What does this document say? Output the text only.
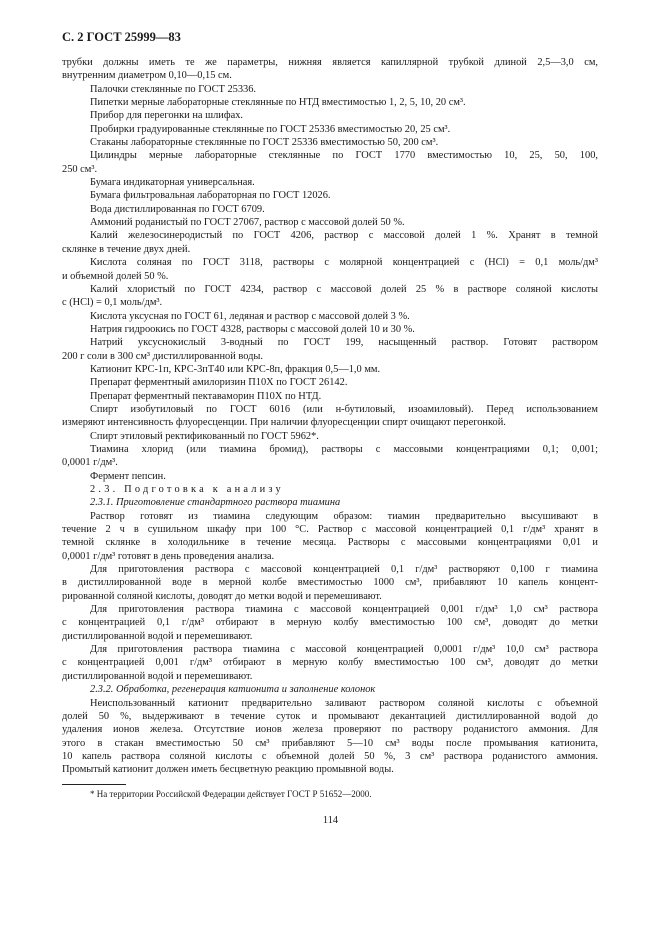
С. 2 ГОСТ 25999—83

трубки должны иметь те же параметры, нижняя является капиллярной трубкой длиной 2,5—3,0 см,

внутренним диаметром 0,10—0,15 см.

Палочки стеклянные по ГОСТ 25336.

Пипетки мерные лабораторные стеклянные по НТД вместимостью 1, 2, 5, 10, 20 см³.

Прибор для перегонки на шлифах.

Пробирки градуированные стеклянные по ГОСТ 25336 вместимостью 20, 25 см³.

Стаканы лабораторные стеклянные по ГОСТ 25336 вместимостью 50, 200 см³.

Цилиндры мерные лабораторные стеклянные по ГОСТ 1770 вместимостью 10, 25, 50, 100,

250 см³.

Бумага индикаторная универсальная.

Бумага фильтровальная лабораторная по ГОСТ 12026.

Вода дистиллированная по ГОСТ 6709.

Аммоний роданистый по ГОСТ 27067, раствор с массовой долей 50 %.

Калий железосинеродистый по ГОСТ 4206, раствор с массовой долей 1 %. Хранят в темной

склянке в течение двух дней.

Кислота соляная по ГОСТ 3118, растворы с молярной концентрацией c (HCl) = 0,1 моль/дм³

и объемной долей 50 %.

Калий хлористый по ГОСТ 4234, раствор с массовой долей 25 % в растворе соляной кислоты

c (HCl) = 0,1 моль/дм³.

Кислота уксусная по ГОСТ 61, ледяная и раствор с массовой долей 3 %.

Натрия гидроокись по ГОСТ 4328, растворы с массовой долей 10 и 30 %.

Натрий уксуснокислый 3-водный по ГОСТ 199, насыщенный раствор. Готовят раствором

200 г соли в 300 см³ дистиллированной воды.

Катионит КРС-1п, КРС-3пТ40 или КРС-8п, фракция 0,5—1,0 мм.

Препарат ферментный амилоризин П10Х по ГОСТ 26142.

Препарат ферментный пектаваморин П10Х по НТД.

Спирт изобутиловый по ГОСТ 6016 (или н-бутиловый, изоамиловый). Перед использованием

измеряют интенсивность флуоресценции. При наличии флуоресценции спирт очищают перегонкой.

Спирт этиловый ректификованный по ГОСТ 5962*.

Тиамина хлорид (или тиамина бромид), растворы с массовыми концентрациями 0,1; 0,001;

0,0001 г/дм³.

Фермент пепсин.

2.3. Подготовка к анализу

2.3.1. Приготовление стандартного раствора тиамина

Раствор готовят из тиамина следующим образом: тиамин предварительно высушивают в

течение 2 ч в сушильном шкафу при 100 °С. Раствор с массовой концентрацией 0,1 г/дм³ хранят в

темной склянке в холодильнике в течение месяца. Растворы с массовыми концентрациями 0,01 и

0,0001 г/дм³ готовят в день проведения анализа.

Для приготовления раствора с массовой концентрацией 0,1 г/дм³ растворяют 0,100 г тиамина

в дистиллированной воде в мерной колбе вместимостью 1000 см³, прибавляют 10 капель концент-

рированной соляной кислоты, доводят до метки водой и перемешивают.

Для приготовления раствора тиамина с массовой концентрацией 0,001 г/дм³ 1,0 см³ раствора

с концентрацией 0,1 г/дм³ отбирают в мерную колбу вместимостью 100 см³, доводят до метки

дистиллированной водой и перемешивают.

Для приготовления раствора тиамина с массовой концентрацией 0,0001 г/дм³ 10,0 см³ раствора

с концентрацией 0,001 г/дм³ отбирают в мерную колбу вместимостью 100 см³, доводят до метки

дистиллированной водой и перемешивают.

2.3.2. Обработка, регенерация катионита и заполнение колонок

Неиспользованный катионит предварительно заливают раствором соляной кислоты с объемной

долей 50 %, выдерживают в течение суток и промывают декантацией дистиллированной водой до

удаления ионов железа. Отсутствие ионов железа проверяют по раствору роданистого аммония. Для

этого в стакан вместимостью 50 см³ прибавляют 5—10 см³ воды после промывания катионита,

10 капель раствора соляной кислоты с объемной долей 50 %, 3 см³ раствора роданистого аммония.

Промытый катионит должен иметь бесцветную реакцию промывной воды.

* На территории Российской Федерации действует ГОСТ Р 51652—2000.
114
